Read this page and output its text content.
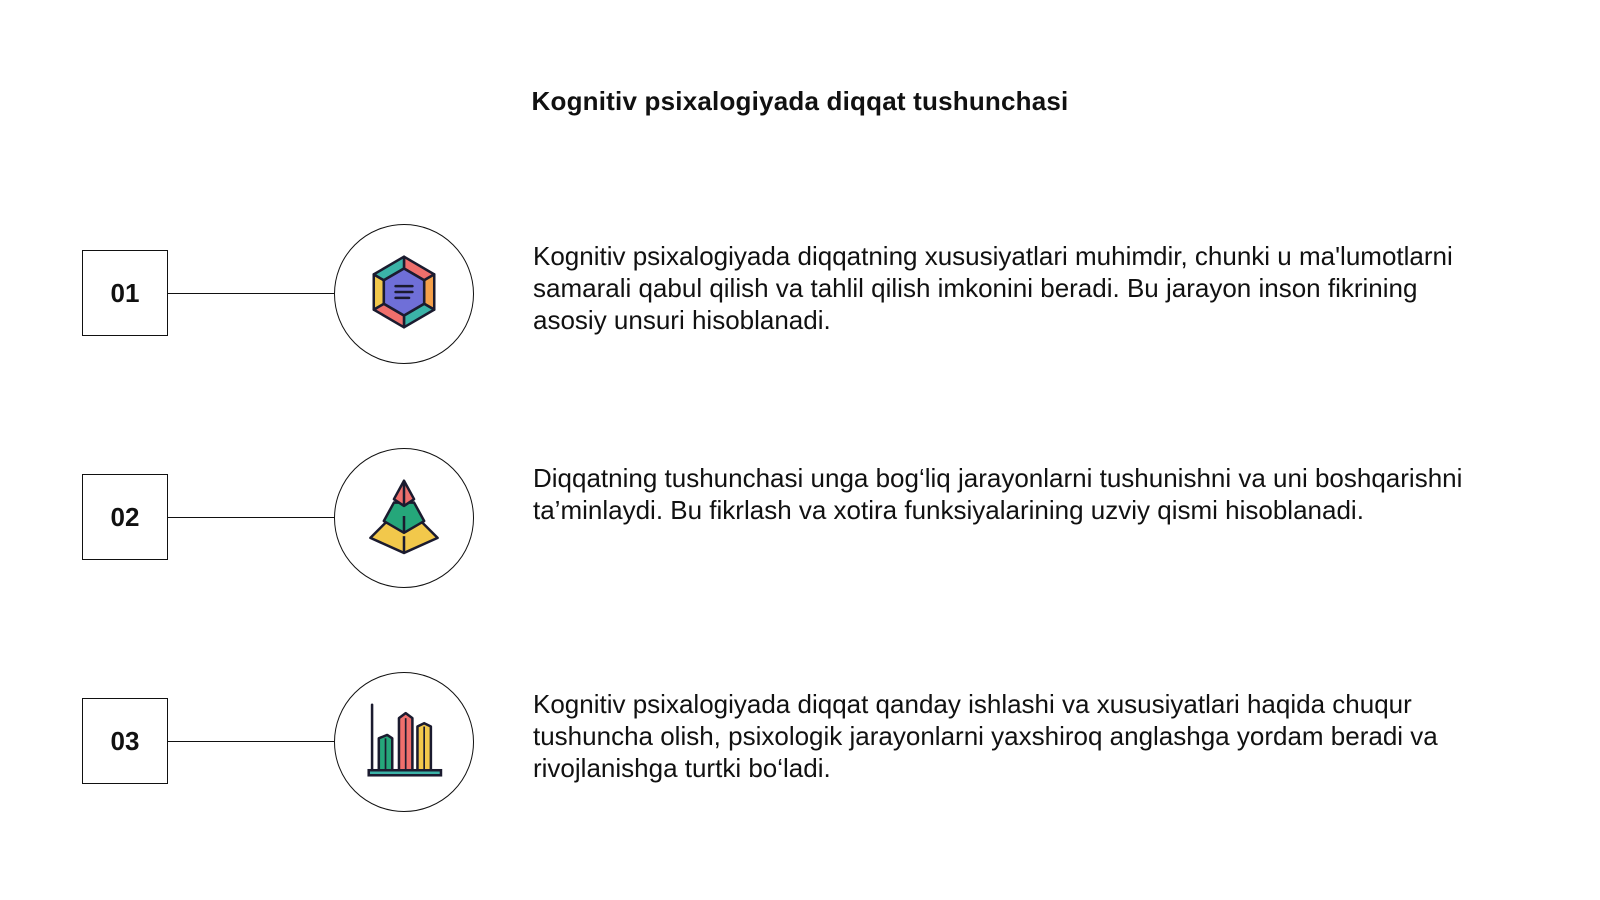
Kognitiv psixalogiyada diqqat tushunchasi
01
Kognitiv psixalogiyada diqqatning xususiyatlari muhimdir, chunki u ma'lumotlarni samarali qabul qilish va tahlil qilish imkonini beradi. Bu jarayon inson fikrining asosiy unsuri hisoblanadi.
02
Diqqatning tushunchasi unga bog‘liq jarayonlarni tushunishni va uni boshqarishni ta’minlaydi. Bu fikrlash va xotira funksiyalarining uzviy qismi hisoblanadi.
03
Kognitiv psixalogiyada diqqat qanday ishlashi va xususiyatlari haqida chuqur tushuncha olish, psixologik jarayonlarni yaxshiroq anglashga yordam beradi va rivojlanishga turtki bo‘ladi.
